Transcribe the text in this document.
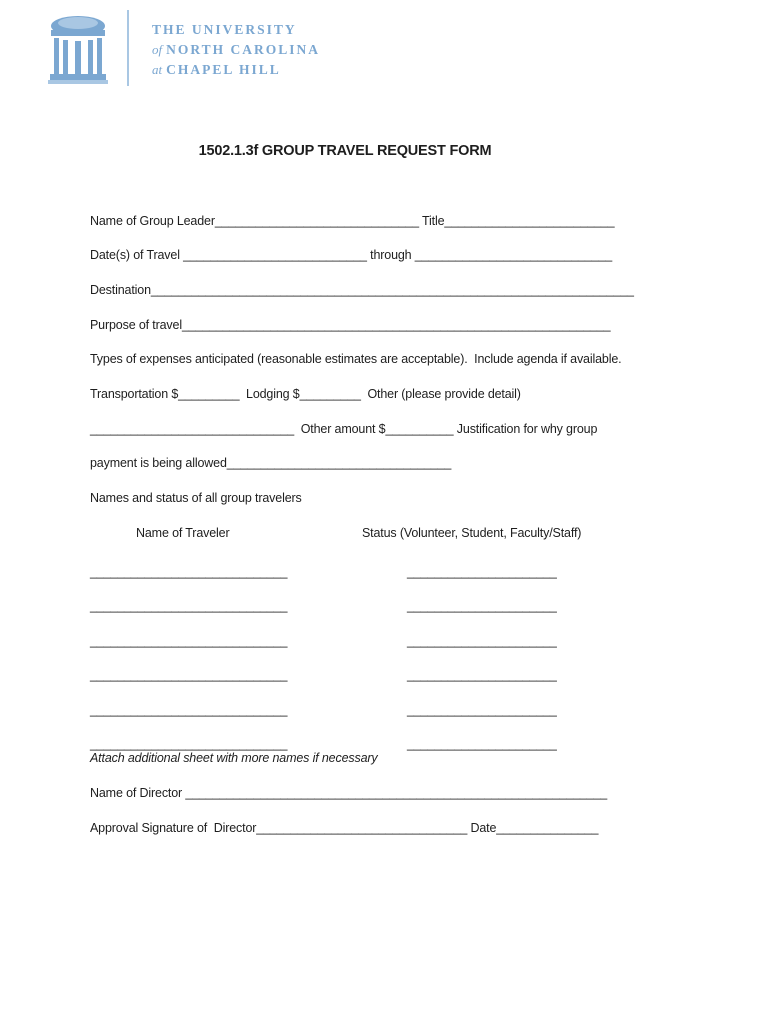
THE UNIVERSITY
of NORTH CAROLINA
at CHAPEL HILL
1502.1.3f GROUP TRAVEL REQUEST FORM
Name of Group Leader______________________________ Title_________________________
Date(s) of Travel ___________________________ through _____________________________
Destination_______________________________________________________________________
Purpose of travel_______________________________________________________________
Types of expenses anticipated (reasonable estimates are acceptable).  Include agenda if available.
Transportation $_________  Lodging $_________  Other (please provide detail)
______________________________  Other amount $__________ Justification for why group
payment is being allowed_________________________________
Names and status of all group travelers
Name of Traveler	Status (Volunteer, Student, Faculty/Staff)
_____________________________	______________________
_____________________________	______________________
_____________________________	______________________
_____________________________	______________________
_____________________________	______________________
_____________________________	______________________
Attach additional sheet with more names if necessary
Name of Director ______________________________________________________________
Approval Signature of  Director_______________________________ Date_______________
